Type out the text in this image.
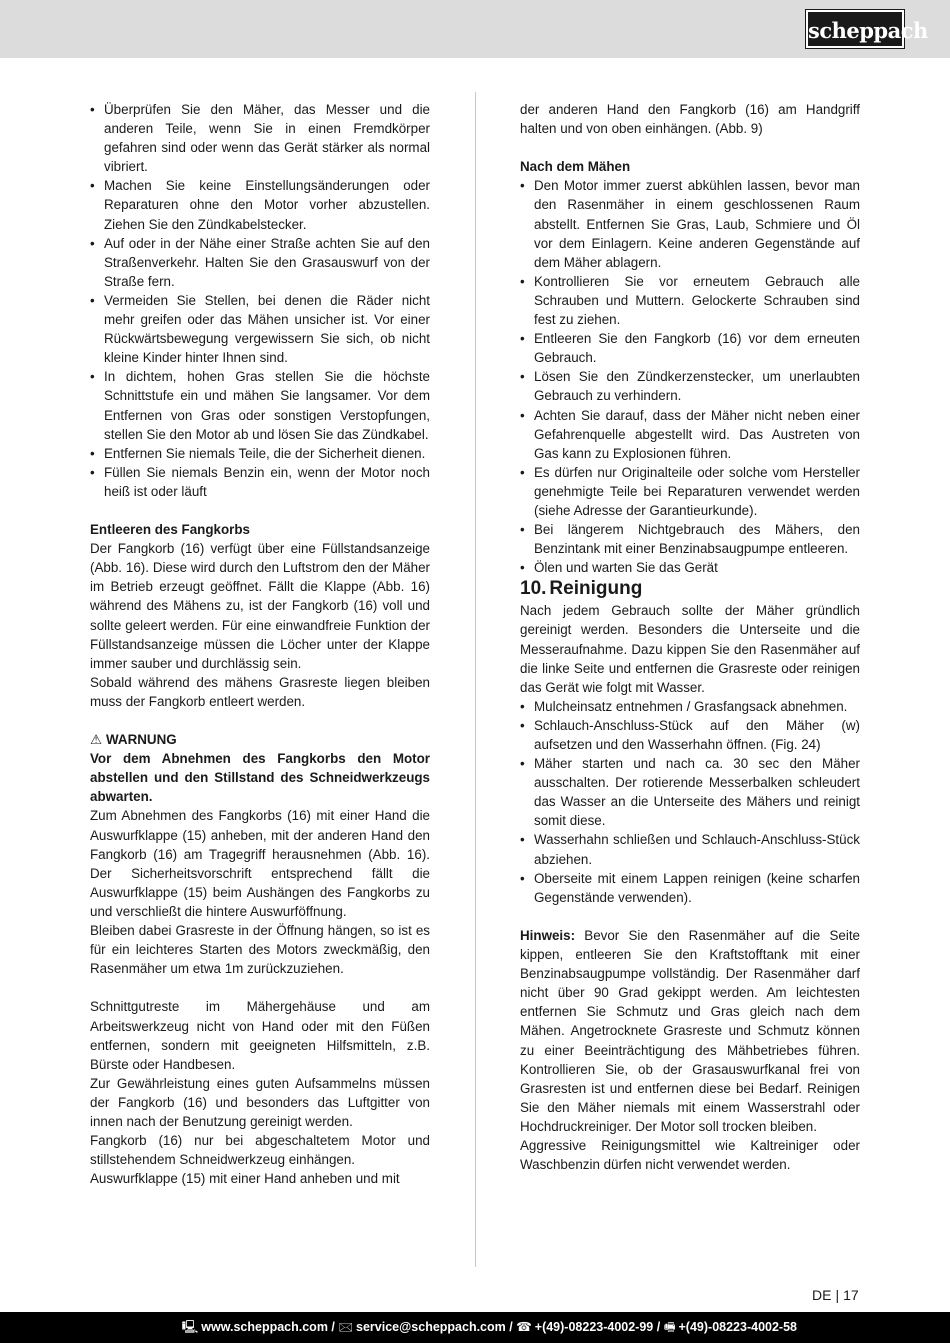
scheppach
• Überprüfen Sie den Mäher, das Messer und die anderen Teile, wenn Sie in einen Fremdkörper gefahren sind oder wenn das Gerät stärker als normal vibriert.
• Machen Sie keine Einstellungsänderungen oder Reparaturen ohne den Motor vorher abzustellen. Ziehen Sie den Zündkabelstecker.
• Auf oder in der Nähe einer Straße achten Sie auf den Straßenverkehr. Halten Sie den Grasauswurf von der Straße fern.
• Vermeiden Sie Stellen, bei denen die Räder nicht mehr greifen oder das Mähen unsicher ist. Vor einer Rückwärtsbewegung vergewissern Sie sich, ob nicht kleine Kinder hinter Ihnen sind.
• In dichtem, hohen Gras stellen Sie die höchste Schnittstufe ein und mähen Sie langsamer. Vor dem Entfernen von Gras oder sonstigen Verstopfungen, stellen Sie den Motor ab und lösen Sie das Zündkabel.
• Entfernen Sie niemals Teile, die der Sicherheit dienen.
• Füllen Sie niemals Benzin ein, wenn der Motor noch heiß ist oder läuft

Entleeren des Fangkorbs

Der Fangkorb (16) verfügt über eine Füllstandsanzeige (Abb. 16). Diese wird durch den Luftstrom den der Mäher im Betrieb erzeugt geöffnet. Fällt die Klappe (Abb. 16) während des Mähens zu, ist der Fangkorb (16) voll und sollte geleert werden. Für eine einwandfreie Funktion der Füllstandsanzeige müssen die Löcher unter der Klappe immer sauber und durchlässig sein.

Sobald während des mähens Grasreste liegen bleiben muss der Fangkorb entleert werden.

⚠ WARNUNG

Vor dem Abnehmen des Fangkorbs den Motor abstellen und den Stillstand des Schneidwerkzeugs abwarten.

Zum Abnehmen des Fangkorbs (16) mit einer Hand die Auswurfklappe (15) anheben, mit der anderen Hand den Fangkorb (16) am Tragegriff herausnehmen (Abb. 16). Der Sicherheitsvorschrift entsprechend fällt die Auswurfklappe (15) beim Aushängen des Fangkorbs zu und verschließt die hintere Auswurföffnung.

Bleiben dabei Grasreste in der Öffnung hängen, so ist es für ein leichteres Starten des Motors zweckmäßig, den Rasenmäher um etwa 1m zurückzuziehen.

Schnittgutreste im Mähergehäuse und am Arbeitswerkzeug nicht von Hand oder mit den Füßen entfernen, sondern mit geeigneten Hilfsmitteln, z.B. Bürste oder Handbesen.

Zur Gewährleistung eines guten Aufsammelns müssen der Fangkorb (16) und besonders das Luftgitter von innen nach der Benutzung gereinigt werden.

Fangkorb (16) nur bei abgeschaltetem Motor und stillstehendem Schneidwerkzeug einhängen.

Auswurfklappe (15) mit einer Hand anheben und mit

der anderen Hand den Fangkorb (16) am Handgriff halten und von oben einhängen. (Abb. 9)

Nach dem Mähen

• Den Motor immer zuerst abkühlen lassen, bevor man den Rasenmäher in einem geschlossenen Raum abstellt. Entfernen Sie Gras, Laub, Schmiere und Öl vor dem Einlagern. Keine anderen Gegenstände auf dem Mäher ablagern.
• Kontrollieren Sie vor erneutem Gebrauch alle Schrauben und Muttern. Gelockerte Schrauben sind fest zu ziehen.
• Entleeren Sie den Fangkorb (16) vor dem erneuten Gebrauch.
• Lösen Sie den Zündkerzenstecker, um unerlaubten Gebrauch zu verhindern.
• Achten Sie darauf, dass der Mäher nicht neben einer Gefahrenquelle abgestellt wird. Das Austreten von Gas kann zu Explosionen führen.
• Es dürfen nur Originalteile oder solche vom Hersteller genehmigte Teile bei Reparaturen verwendet werden (siehe Adresse der Garantieurkunde).
• Bei längerem Nichtgebrauch des Mähers, den Benzintank mit einer Benzinabsaugpumpe entleeren.
• Ölen und warten Sie das Gerät

10. Reinigung

Nach jedem Gebrauch sollte der Mäher gründlich gereinigt werden. Besonders die Unterseite und die Messeraufnahme. Dazu kippen Sie den Rasenmäher auf die linke Seite und entfernen die Grasreste oder reinigen das Gerät wie folgt mit Wasser.

• Mulcheinsatz entnehmen / Grasfangsack abnehmen.
• Schlauch-Anschluss-Stück auf den Mäher (w) aufsetzen und den Wasserhahn öffnen. (Fig. 24)
• Mäher starten und nach ca. 30 sec den Mäher ausschalten. Der rotierende Messerbalken schleudert das Wasser an die Unterseite des Mähers und reinigt somit diese.
• Wasserhahn schließen und Schlauch-Anschluss-Stück abziehen.
• Oberseite mit einem Lappen reinigen (keine scharfen Gegenstände verwenden).

Hinweis: Bevor Sie den Rasenmäher auf die Seite kippen, entleeren Sie den Kraftstofftank mit einer Benzinabsaugpumpe vollständig. Der Rasenmäher darf nicht über 90 Grad gekippt werden. Am leichtesten entfernen Sie Schmutz und Gras gleich nach dem Mähen. Angetrocknete Grasreste und Schmutz können zu einer Beeinträchtigung des Mähbetriebes führen. Kontrollieren Sie, ob der Grasauswurfkanal frei von Grasresten ist und entfernen diese bei Bedarf. Reinigen Sie den Mäher niemals mit einem Wasserstrahl oder Hochdruckreiniger. Der Motor soll trocken bleiben.

Aggressive Reinigungsmittel wie Kaltreiniger oder Waschbenzin dürfen nicht verwendet werden.

DE | 17
🖳 www.scheppach.com / 🖂 service@scheppach.com / ☎ +(49)-08223-4002-99 / 🖷 +(49)-08223-4002-58
